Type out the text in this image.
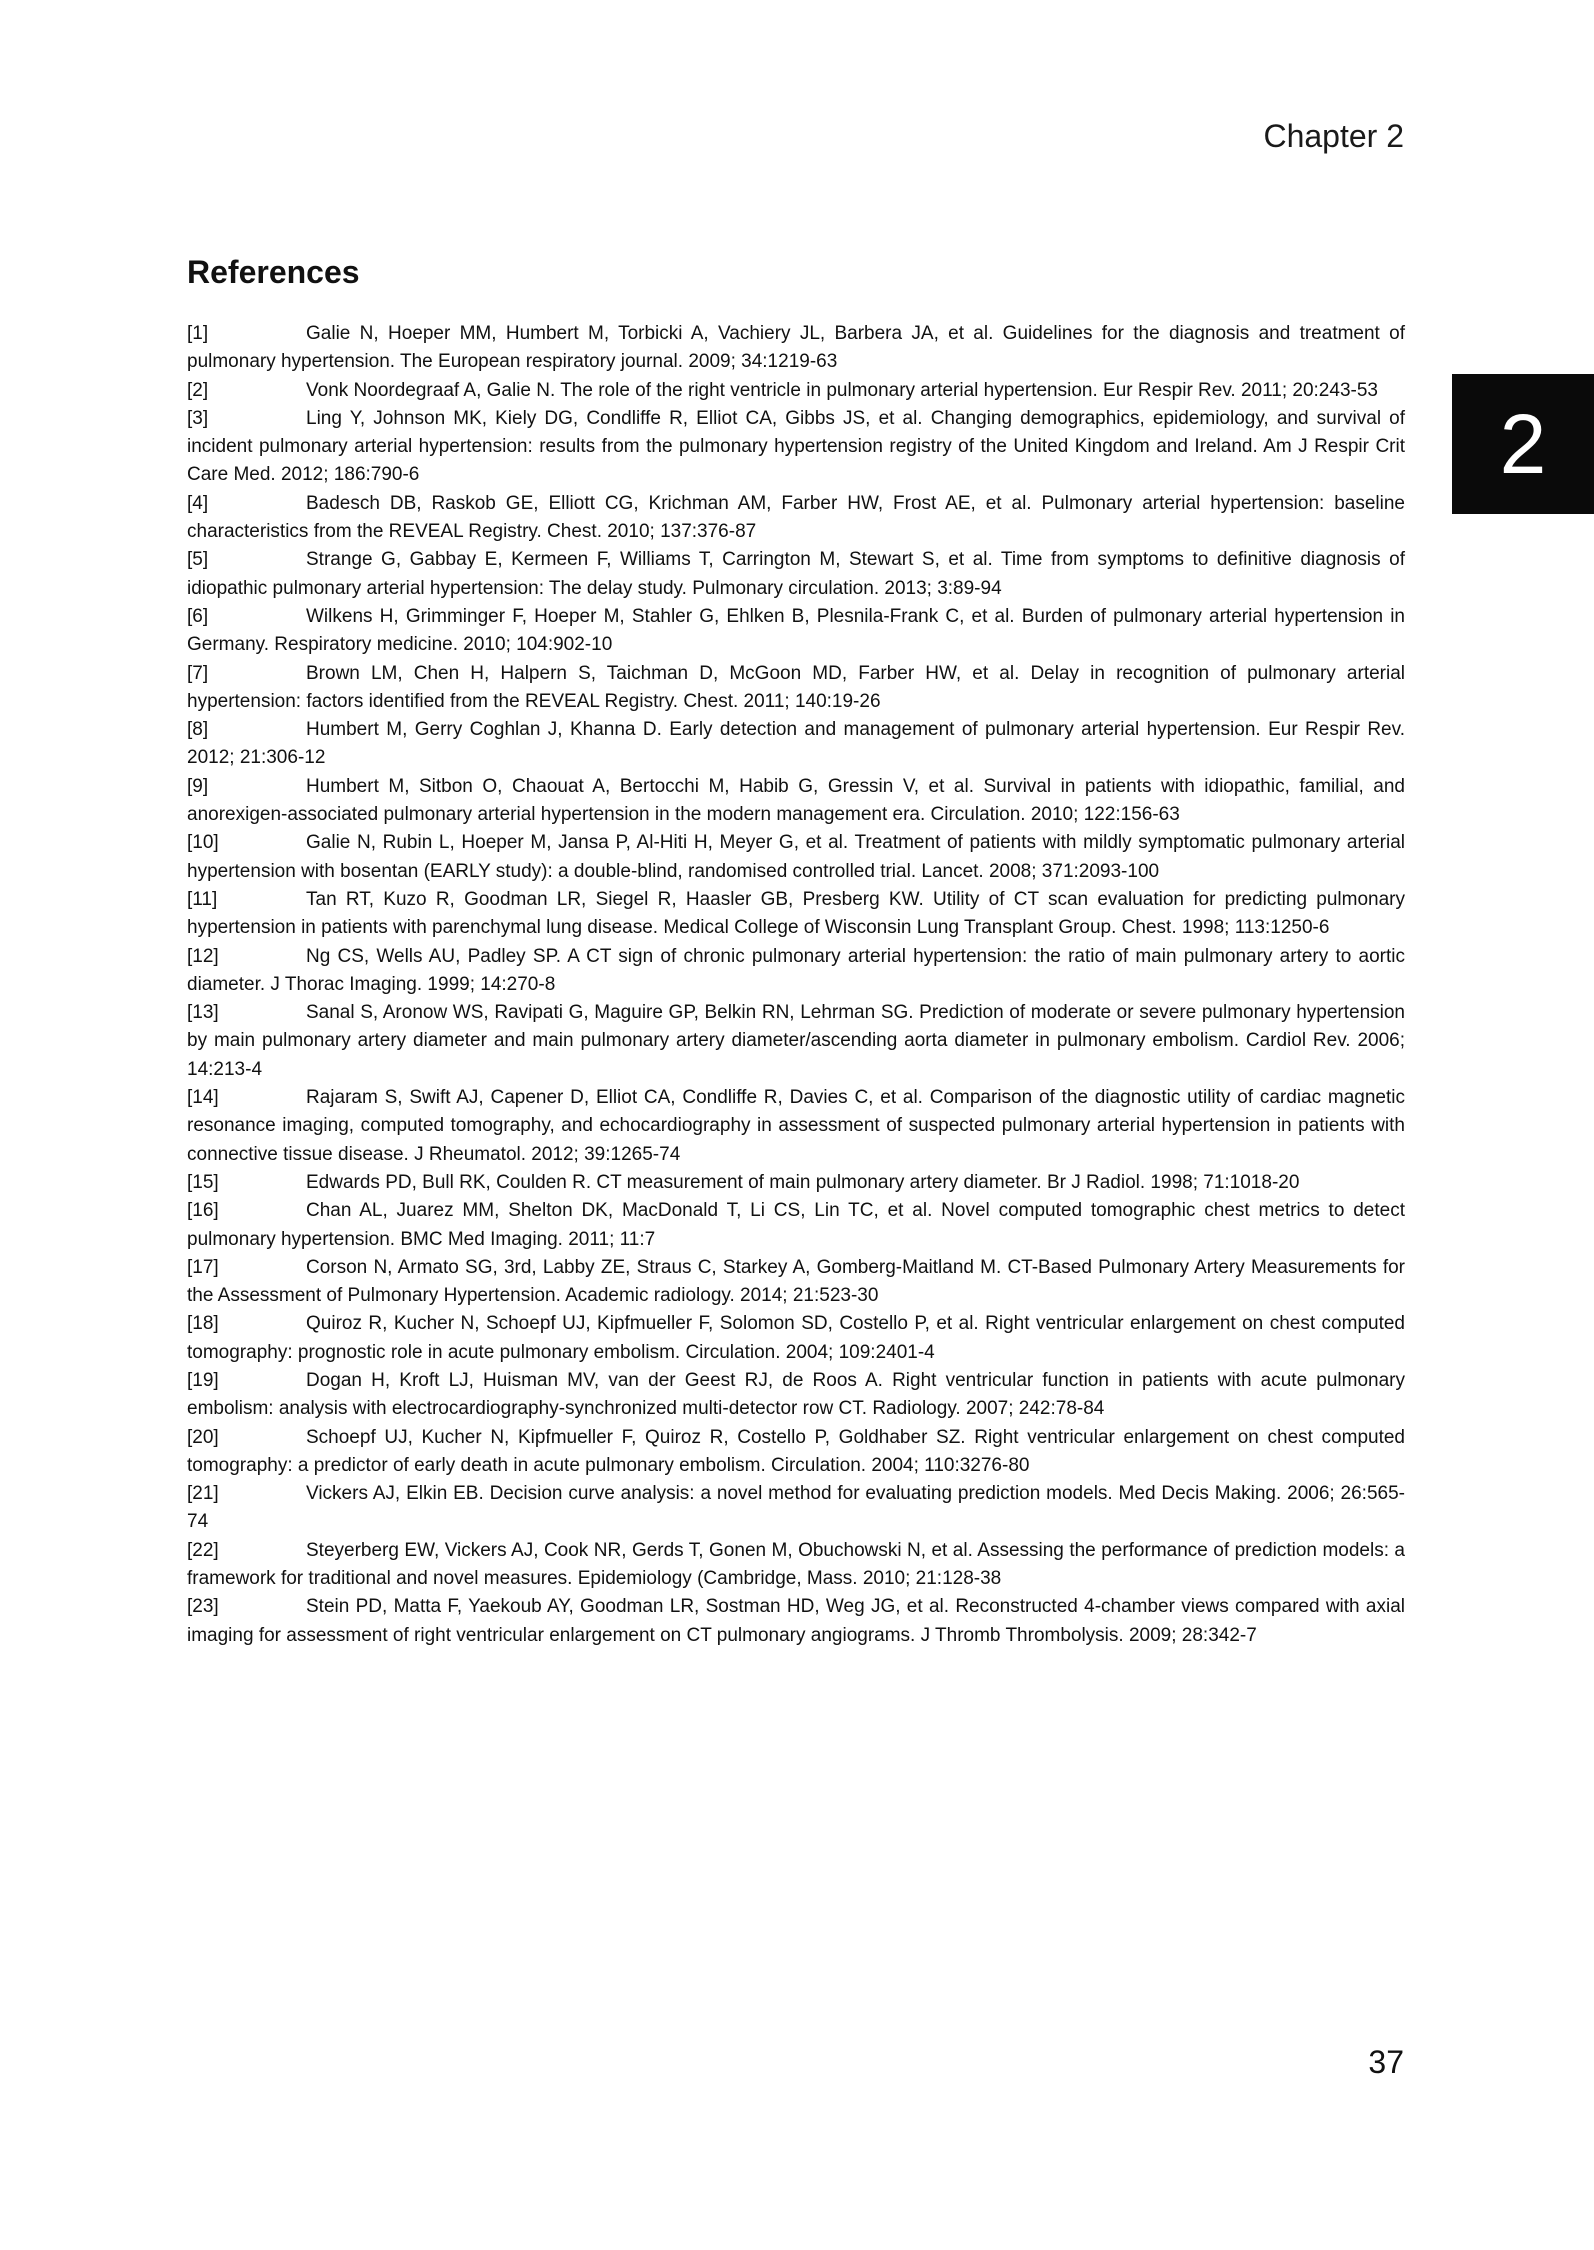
Chapter 2
2
References
[1]	Galie N, Hoeper MM, Humbert M, Torbicki A, Vachiery JL, Barbera JA, et al. Guidelines for the diagnosis and treatment of pulmonary hypertension. The European respiratory journal. 2009; 34:1219-63
[2]	Vonk Noordegraaf A, Galie N. The role of the right ventricle in pulmonary arterial hypertension. Eur Respir Rev. 2011; 20:243-53
[3]	Ling Y, Johnson MK, Kiely DG, Condliffe R, Elliot CA, Gibbs JS, et al. Changing demographics, epidemiology, and survival of incident pulmonary arterial hypertension: results from the pulmonary hypertension registry of the United Kingdom and Ireland. Am J Respir Crit Care Med. 2012; 186:790-6
[4]	Badesch DB, Raskob GE, Elliott CG, Krichman AM, Farber HW, Frost AE, et al. Pulmonary arterial hypertension: baseline characteristics from the REVEAL Registry. Chest. 2010; 137:376-87
[5]	Strange G, Gabbay E, Kermeen F, Williams T, Carrington M, Stewart S, et al. Time from symptoms to definitive diagnosis of idiopathic pulmonary arterial hypertension: The delay study. Pulmonary circulation. 2013; 3:89-94
[6]	Wilkens H, Grimminger F, Hoeper M, Stahler G, Ehlken B, Plesnila-Frank C, et al. Burden of pulmonary arterial hypertension in Germany. Respiratory medicine. 2010; 104:902-10
[7]	Brown LM, Chen H, Halpern S, Taichman D, McGoon MD, Farber HW, et al. Delay in recognition of pulmonary arterial hypertension: factors identified from the REVEAL Registry. Chest. 2011; 140:19-26
[8]	Humbert M, Gerry Coghlan J, Khanna D. Early detection and management of pulmonary arterial hypertension. Eur Respir Rev. 2012; 21:306-12
[9]	Humbert M, Sitbon O, Chaouat A, Bertocchi M, Habib G, Gressin V, et al. Survival in patients with idiopathic, familial, and anorexigen-associated pulmonary arterial hypertension in the modern management era. Circulation. 2010; 122:156-63
[10]	Galie N, Rubin L, Hoeper M, Jansa P, Al-Hiti H, Meyer G, et al. Treatment of patients with mildly symptomatic pulmonary arterial hypertension with bosentan (EARLY study): a double-blind, randomised controlled trial. Lancet. 2008; 371:2093-100
[11]	Tan RT, Kuzo R, Goodman LR, Siegel R, Haasler GB, Presberg KW. Utility of CT scan evaluation for predicting pulmonary hypertension in patients with parenchymal lung disease. Medical College of Wisconsin Lung Transplant Group. Chest. 1998; 113:1250-6
[12]	Ng CS, Wells AU, Padley SP. A CT sign of chronic pulmonary arterial hypertension: the ratio of main pulmonary artery to aortic diameter. J Thorac Imaging. 1999; 14:270-8
[13]	Sanal S, Aronow WS, Ravipati G, Maguire GP, Belkin RN, Lehrman SG. Prediction of moderate or severe pulmonary hypertension by main pulmonary artery diameter and main pulmonary artery diameter/ascending aorta diameter in pulmonary embolism. Cardiol Rev. 2006; 14:213-4
[14]	Rajaram S, Swift AJ, Capener D, Elliot CA, Condliffe R, Davies C, et al. Comparison of the diagnostic utility of cardiac magnetic resonance imaging, computed tomography, and echocardiography in assessment of suspected pulmonary arterial hypertension in patients with connective tissue disease. J Rheumatol. 2012; 39:1265-74
[15]	Edwards PD, Bull RK, Coulden R. CT measurement of main pulmonary artery diameter. Br J Radiol. 1998; 71:1018-20
[16]	Chan AL, Juarez MM, Shelton DK, MacDonald T, Li CS, Lin TC, et al. Novel computed tomographic chest metrics to detect pulmonary hypertension. BMC Med Imaging. 2011; 11:7
[17]	Corson N, Armato SG, 3rd, Labby ZE, Straus C, Starkey A, Gomberg-Maitland M. CT-Based Pulmonary Artery Measurements for the Assessment of Pulmonary Hypertension. Academic radiology. 2014; 21:523-30
[18]	Quiroz R, Kucher N, Schoepf UJ, Kipfmueller F, Solomon SD, Costello P, et al. Right ventricular enlargement on chest computed tomography: prognostic role in acute pulmonary embolism. Circulation. 2004; 109:2401-4
[19]	Dogan H, Kroft LJ, Huisman MV, van der Geest RJ, de Roos A. Right ventricular function in patients with acute pulmonary embolism: analysis with electrocardiography-synchronized multi-detector row CT. Radiology. 2007; 242:78-84
[20]	Schoepf UJ, Kucher N, Kipfmueller F, Quiroz R, Costello P, Goldhaber SZ. Right ventricular enlargement on chest computed tomography: a predictor of early death in acute pulmonary embolism. Circulation. 2004; 110:3276-80
[21]	Vickers AJ, Elkin EB. Decision curve analysis: a novel method for evaluating prediction models. Med Decis Making. 2006; 26:565-74
[22]	Steyerberg EW, Vickers AJ, Cook NR, Gerds T, Gonen M, Obuchowski N, et al. Assessing the performance of prediction models: a framework for traditional and novel measures. Epidemiology (Cambridge, Mass. 2010; 21:128-38
[23]	Stein PD, Matta F, Yaekoub AY, Goodman LR, Sostman HD, Weg JG, et al. Reconstructed 4-chamber views compared with axial imaging for assessment of right ventricular enlargement on CT pulmonary angiograms. J Thromb Thrombolysis. 2009; 28:342-7
37
